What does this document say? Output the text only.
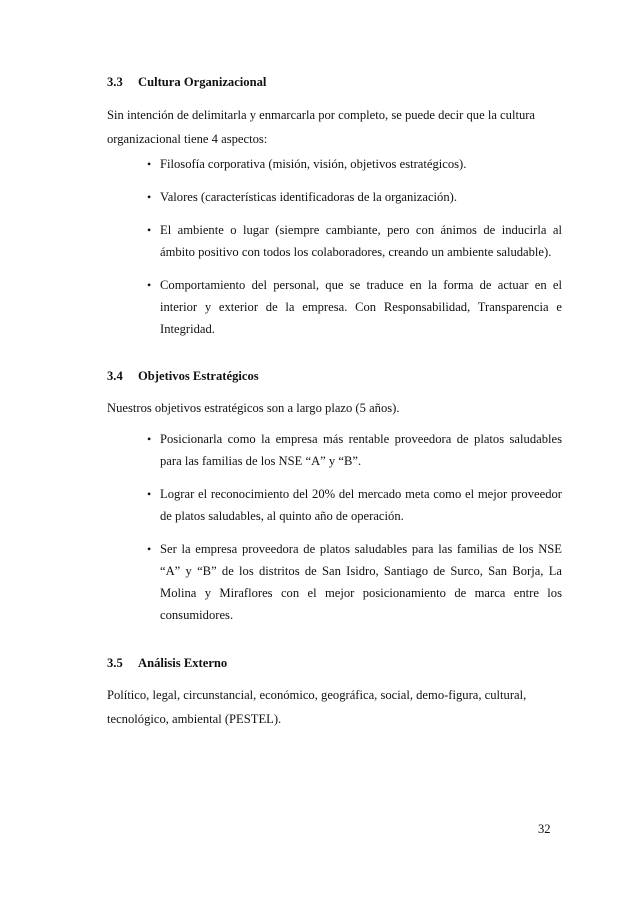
3.3 Cultura Organizacional
Sin intención de delimitarla y enmarcarla por completo, se puede decir que la cultura organizacional tiene 4 aspectos:
• Filosofía corporativa (misión, visión, objetivos estratégicos).
• Valores (características identificadoras de la organización).
• El ambiente o lugar (siempre cambiante, pero con ánimos de inducirla al ámbito positivo con todos los colaboradores, creando un ambiente saludable).
• Comportamiento del personal, que se traduce en la forma de actuar en el interior y exterior de la empresa. Con Responsabilidad, Transparencia e Integridad.
3.4 Objetivos Estratégicos
Nuestros objetivos estratégicos son a largo plazo (5 años).
• Posicionarla como la empresa más rentable proveedora de platos saludables para las familias de los NSE “A” y “B”.
• Lograr el reconocimiento del 20% del mercado meta como el mejor proveedor de platos saludables, al quinto año de operación.
• Ser la empresa proveedora de platos saludables para las familias de los NSE “A” y “B” de los distritos de San Isidro, Santiago de Surco, San Borja, La Molina y Miraflores con el mejor posicionamiento de marca entre los consumidores.
3.5 Análisis Externo
Político, legal, circunstancial, económico, geográfica, social, demo-figura, cultural, tecnológico, ambiental (PESTEL).
32
